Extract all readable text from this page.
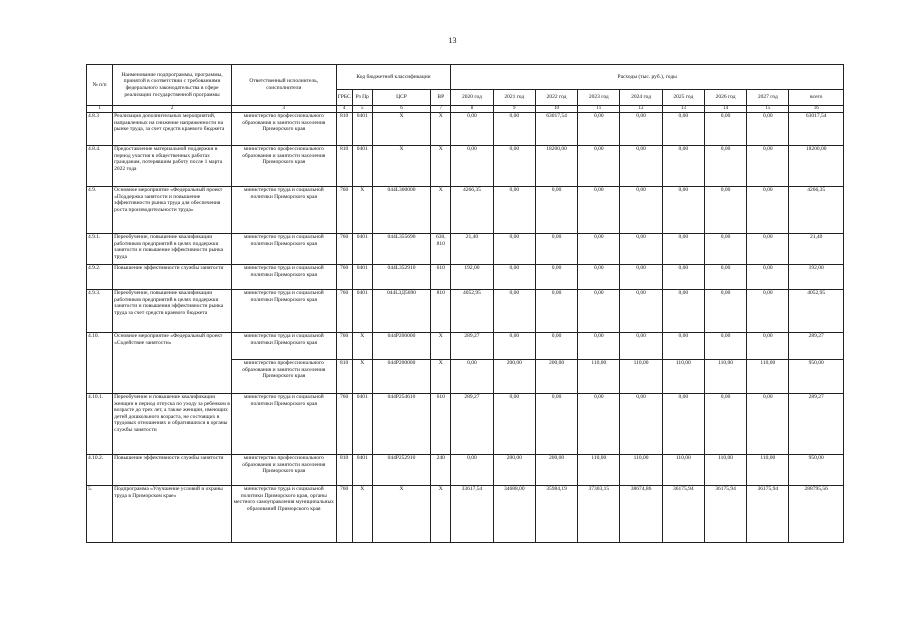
13
№ п/п	Наименование подпрограммы, программы, принятой в соответствии с требованиями федерального законодательства в сфере реализации государственной программы	Ответственный исполнитель, соисполнители	Код бюджетной классификации				Расходы (тыс. руб.), годы								
			ГРБС	Рз Пр	ЦСР	ВР	2020 год	2021 год	2022 год	2023 год	2024 год	2025 год	2026 год	2027 год	всего
1	2	3	4	5	6	7	8	9	10	11	12	13	14	15	16
4.8.3	Реализация дополнительных мероприятий, направленных на снижение напряженности на рынке труда, за счет средств краевого бюджета	министерство профессионального образования и занятости населения Приморского края	810	0401	Х	Х	0,00	0,00	63017,54	0,00	0,00	0,00	0,00	0,00	63017,54
4.8.4.	Предоставление материальной поддержки в период участия в общественных работах гражданам, потерявшим работу после 1 марта 2022 года	министерство профессионального образования и занятости населения Приморского края	810	0401	Х	Х	0,00	0,00	18200,00	0,00	0,00	0,00	0,00	0,00	18200,00
4.9.	Основное мероприятие «Федеральный проект «Поддержка занятости и повышение эффективности рынка труда для обеспечения роста производительности труда»	министерство труда и социальной политики Приморского края	760	Х	044L300000	Х	4266,35	0,00	0,00	0,00	0,00	0,00	0,00	0,00	4266,35
4.9.1.	Переобучение, повышение квалификации работников предприятий в целях поддержки занятости и повышение эффективности рынка труда	министерство труда и социальной политики Приморского края	760	0401	044L355690	630, 810	21,40	0,00	0,00	0,00	0,00	0,00	0,00	0,00	21,40
4.9.2.	Повышение эффективности службы занятости	министерство труда и социальной политики Приморского края	760	0401	044L352910	610	192,00	0,00	0,00	0,00	0,00	0,00	0,00	0,00	192,00
4.9.3.	Переобучение, повышение квалификации работников предприятий в целях поддержки занятости и повышения эффективности рынка труда за счет средств краевого бюджета	министерство труда и социальной политики Приморского края	760	0401	044L3Д5690	810	4052,95	0,00	0,00	0,00	0,00	0,00	0,00	0,00	4052,95
4.10.	Основное мероприятие «Федеральный проект «Содействие занятости»	министерство труда и социальной политики Приморского края	760	Х	044P200000	Х	289,27	0,00	0,00	0,00	0,00	0,00	0,00	0,00	289,27
		министерство профессионального образования и занятости населения Приморского края	810	Х	044P200000	Х	0,00	200,00	200,00	110,00	110,00	110,00	110,00	110,00	950,00
4.10.1.	Переобучение и повышение квалификации женщин в период отпуска по уходу за ребенком в возрасте до трех лет, а также женщин, имеющих детей дошкольного возраста, не состоящих в трудовых отношениях и обратившихся в органы службы занятости	министерство труда и социальной политики Приморского края	760	0401	044P254610	610	289,27	0,00	0,00	0,00	0,00	0,00	0,00	0,00	289,27
4.10.2.	Повышение эффективности службы занятости	министерство профессионального образования и занятости населения Приморского края	810	0401	044P252910	240	0,00	200,00	200,00	110,00	110,00	110,00	110,00	110,00	950,00
5.	Подпрограмма «Улучшение условий и охраны труда в Приморском крае»	министерство труда и социальной политики Приморского края, органы местного самоуправления муниципальных образований Приморского края	760	Х	Х	Х	33617,54	34688,00	35984,19	37303,15	38674,86	36175,94	36175,94	36175,94	288795,56
